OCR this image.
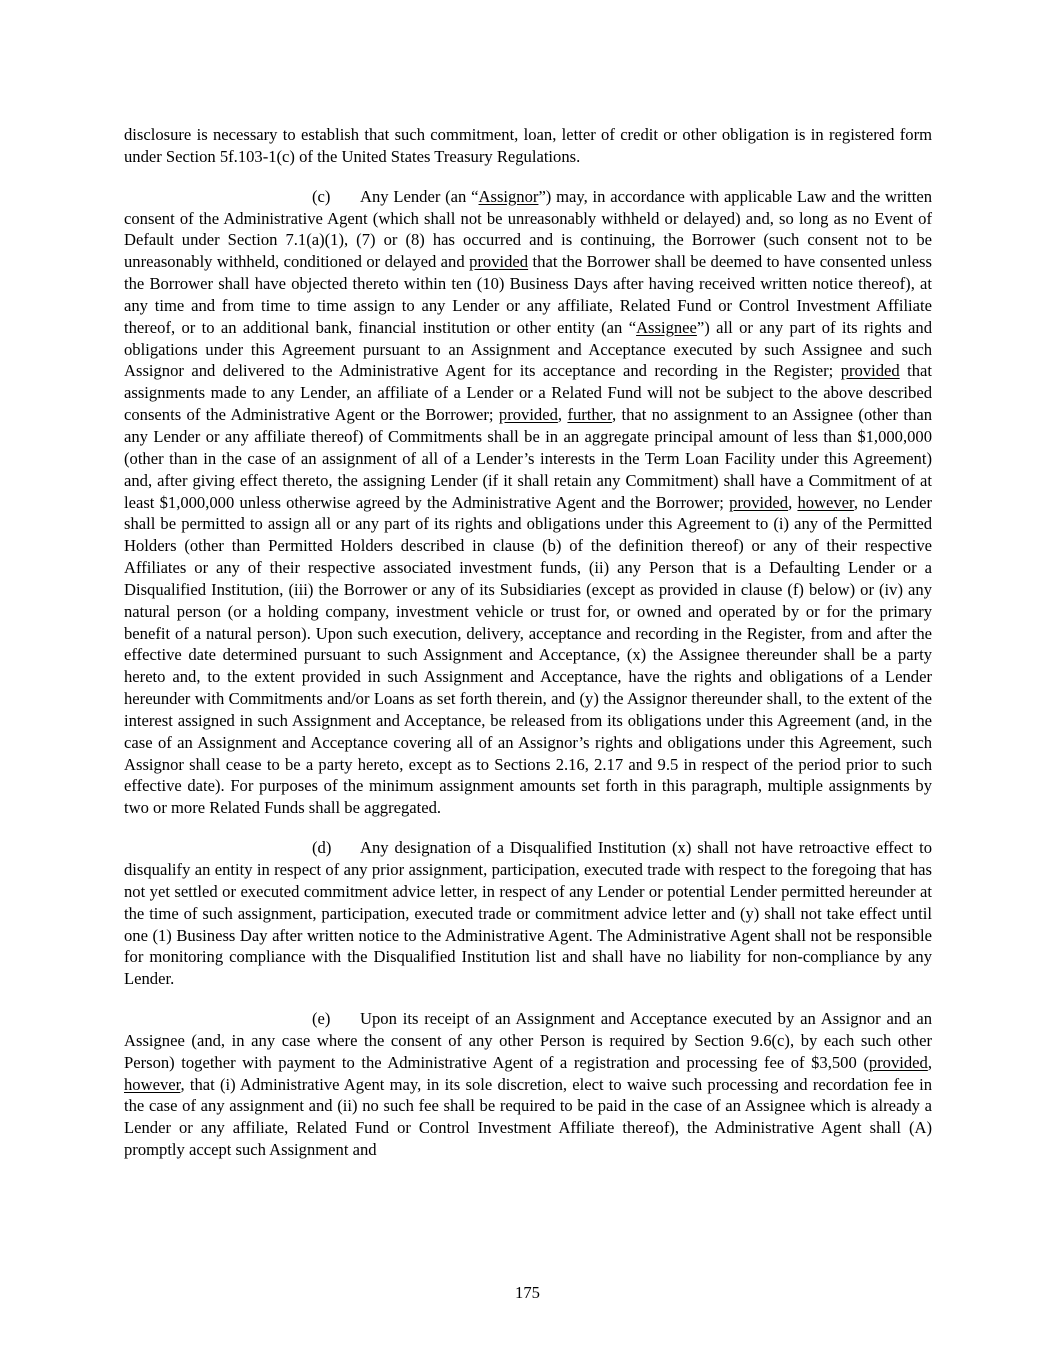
disclosure is necessary to establish that such commitment, loan, letter of credit or other obligation is in registered form under Section 5f.103-1(c) of the United States Treasury Regulations.

(c) Any Lender (an “Assignor”) may, in accordance with applicable Law and the written consent of the Administrative Agent (which shall not be unreasonably withheld or delayed) and, so long as no Event of Default under Section 7.1(a)(1), (7) or (8) has occurred and is continuing, the Borrower (such consent not to be unreasonably withheld, conditioned or delayed and provided that the Borrower shall be deemed to have consented unless the Borrower shall have objected thereto within ten (10) Business Days after having received written notice thereof), at any time and from time to time assign to any Lender or any affiliate, Related Fund or Control Investment Affiliate thereof, or to an additional bank, financial institution or other entity (an “Assignee”) all or any part of its rights and obligations under this Agreement pursuant to an Assignment and Acceptance executed by such Assignee and such Assignor and delivered to the Administrative Agent for its acceptance and recording in the Register; provided that assignments made to any Lender, an affiliate of a Lender or a Related Fund will not be subject to the above described consents of the Administrative Agent or the Borrower; provided, further, that no assignment to an Assignee (other than any Lender or any affiliate thereof) of Commitments shall be in an aggregate principal amount of less than $1,000,000 (other than in the case of an assignment of all of a Lender’s interests in the Term Loan Facility under this Agreement) and, after giving effect thereto, the assigning Lender (if it shall retain any Commitment) shall have a Commitment of at least $1,000,000 unless otherwise agreed by the Administrative Agent and the Borrower; provided, however, no Lender shall be permitted to assign all or any part of its rights and obligations under this Agreement to (i) any of the Permitted Holders (other than Permitted Holders described in clause (b) of the definition thereof) or any of their respective Affiliates or any of their respective associated investment funds, (ii) any Person that is a Defaulting Lender or a Disqualified Institution, (iii) the Borrower or any of its Subsidiaries (except as provided in clause (f) below) or (iv) any natural person (or a holding company, investment vehicle or trust for, or owned and operated by or for the primary benefit of a natural person). Upon such execution, delivery, acceptance and recording in the Register, from and after the effective date determined pursuant to such Assignment and Acceptance, (x) the Assignee thereunder shall be a party hereto and, to the extent provided in such Assignment and Acceptance, have the rights and obligations of a Lender hereunder with Commitments and/or Loans as set forth therein, and (y) the Assignor thereunder shall, to the extent of the interest assigned in such Assignment and Acceptance, be released from its obligations under this Agreement (and, in the case of an Assignment and Acceptance covering all of an Assignor’s rights and obligations under this Agreement, such Assignor shall cease to be a party hereto, except as to Sections 2.16, 2.17 and 9.5 in respect of the period prior to such effective date). For purposes of the minimum assignment amounts set forth in this paragraph, multiple assignments by two or more Related Funds shall be aggregated.

(d) Any designation of a Disqualified Institution (x) shall not have retroactive effect to disqualify an entity in respect of any prior assignment, participation, executed trade with respect to the foregoing that has not yet settled or executed commitment advice letter, in respect of any Lender or potential Lender permitted hereunder at the time of such assignment, participation, executed trade or commitment advice letter and (y) shall not take effect until one (1) Business Day after written notice to the Administrative Agent. The Administrative Agent shall not be responsible for monitoring compliance with the Disqualified Institution list and shall have no liability for non-compliance by any Lender.

(e) Upon its receipt of an Assignment and Acceptance executed by an Assignor and an Assignee (and, in any case where the consent of any other Person is required by Section 9.6(c), by each such other Person) together with payment to the Administrative Agent of a registration and processing fee of $3,500 (provided, however, that (i) Administrative Agent may, in its sole discretion, elect to waive such processing and recordation fee in the case of any assignment and (ii) no such fee shall be required to be paid in the case of an Assignee which is already a Lender or any affiliate, Related Fund or Control Investment Affiliate thereof), the Administrative Agent shall (A) promptly accept such Assignment and

175
